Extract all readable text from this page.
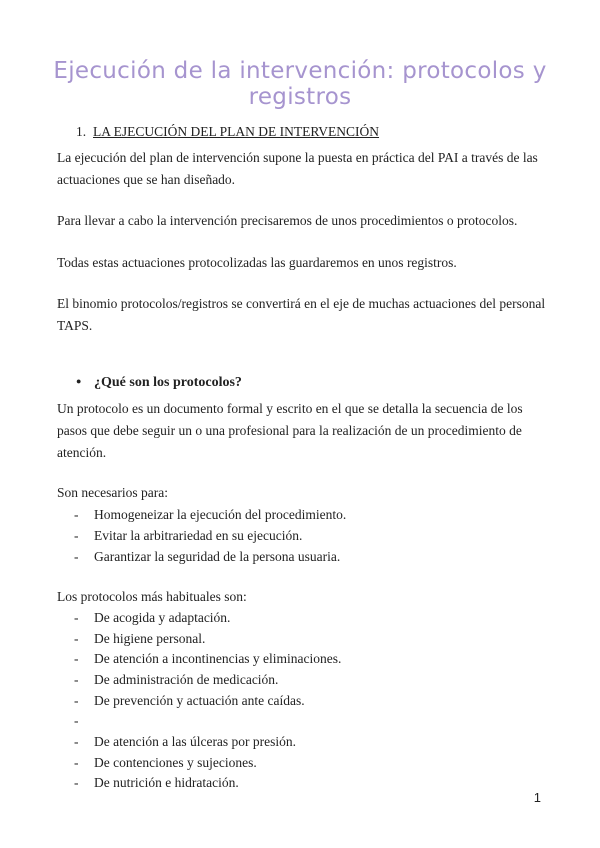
Ejecución de la intervención: protocolos y registros
1. LA EJECUCIÓN DEL PLAN DE INTERVENCIÓN
La ejecución del plan de intervención supone la puesta en práctica del PAI a través de las
actuaciones que se han diseñado.
Para llevar a cabo la intervención precisaremos de unos procedimientos o protocolos.
Todas estas actuaciones protocolizadas las guardaremos en unos registros.
El binomio protocolos/registros se convertirá en el eje de muchas actuaciones del personal
TAPS.
● ¿Qué son los protocolos?
Un protocolo es un documento formal y escrito en el que se detalla la secuencia de los
pasos que debe seguir un o una profesional para la realización de un procedimiento de
atención.
Son necesarios para:
- Homogeneizar la ejecución del procedimiento.
- Evitar la arbitrariedad en su ejecución.
- Garantizar la seguridad de la persona usuaria.
Los protocolos más habituales son:
- De acogida y adaptación.
- De higiene personal.
- De atención a incontinencias y eliminaciones.
- De administración de medicación.
- De prevención y actuación ante caídas.
-
- De atención a las úlceras por presión.
- De contenciones y sujeciones.
- De nutrición e hidratación.
1
